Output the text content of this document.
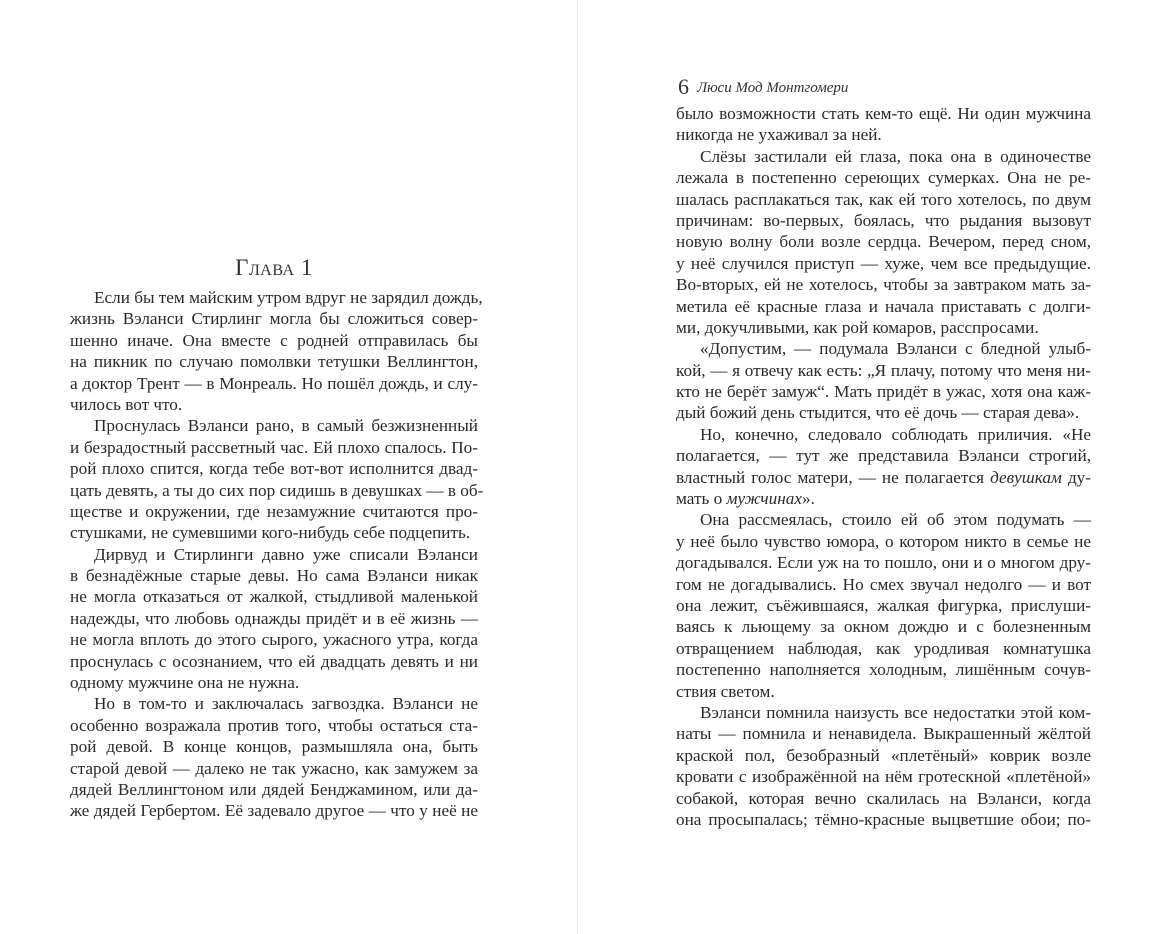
Глава 1
Если бы тем майским утром вдруг не зарядил дождь,
жизнь Вэланси Стирлинг могла бы сложиться совер-
шенно иначе. Она вместе с родней отправилась бы
на пикник по случаю помолвки тетушки Веллингтон,
а доктор Трент — в Монреаль. Но пошёл дождь, и слу-
чилось вот что.
Проснулась Вэланси рано, в самый безжизненный
и безрадостный рассветный час. Ей плохо спалось. По-
рой плохо спится, когда тебе вот-вот исполнится двад-
цать девять, а ты до сих пор сидишь в девушках — в об-
ществе и окружении, где незамужние считаются про-
стушками, не сумевшими кого-нибудь себе подцепить.
Дирвуд и Стирлинги давно уже списали Вэланси
в безнадёжные старые девы. Но сама Вэланси никак
не могла отказаться от жалкой, стыдливой маленькой
надежды, что любовь однажды придёт и в её жизнь —
не могла вплоть до этого сырого, ужасного утра, когда
проснулась с осознанием, что ей двадцать девять и ни
одному мужчине она не нужна.
Но в том-то и заключалась загвоздка. Вэланси не
особенно возражала против того, чтобы остаться ста-
рой девой. В конце концов, размышляла она, быть
старой девой — далеко не так ужасно, как замужем за
дядей Веллингтоном или дядей Бенджамином, или да-
же дядей Гербертом. Её задевало другое — что у неё не
6 Люси Мод Монтгомери
было возможности стать кем-то ещё. Ни один мужчина
никогда не ухаживал за ней.
Слёзы застилали ей глаза, пока она в одиночестве
лежала в постепенно сереющих сумерках. Она не ре-
шалась расплакаться так, как ей того хотелось, по двум
причинам: во-первых, боялась, что рыдания вызовут
новую волну боли возле сердца. Вечером, перед сном,
у неё случился приступ — хуже, чем все предыдущие.
Во-вторых, ей не хотелось, чтобы за завтраком мать за-
метила её красные глаза и начала приставать с долги-
ми, докучливыми, как рой комаров, расспросами.
«Допустим, — подумала Вэланси с бледной улыб-
кой, — я отвечу как есть: „Я плачу, потому что меня ни-
кто не берёт замуж“. Мать придёт в ужас, хотя она каж-
дый божий день стыдится, что её дочь — старая дева».
Но, конечно, следовало соблюдать приличия. «Не
полагается, — тут же представила Вэланси строгий,
властный голос матери, — не полагается девушкам ду-
мать о мужчинах».
Она рассмеялась, стоило ей об этом подумать —
у неё было чувство юмора, о котором никто в семье не
догадывался. Если уж на то пошло, они и о многом дру-
гом не догадывались. Но смех звучал недолго — и вот
она лежит, съёжившаяся, жалкая фигурка, прислуши-
ваясь к льющему за окном дождю и с болезненным
отвращением наблюдая, как уродливая комнатушка
постепенно наполняется холодным, лишённым сочув-
ствия светом.
Вэланси помнила наизусть все недостатки этой ком-
наты — помнила и ненавидела. Выкрашенный жёлтой
краской пол, безобразный «плетёный» коврик возле
кровати с изображённой на нём гротескной «плетёной»
собакой, которая вечно скалилась на Вэланси, когда
она просыпалась; тёмно-красные выцветшие обои; по-
